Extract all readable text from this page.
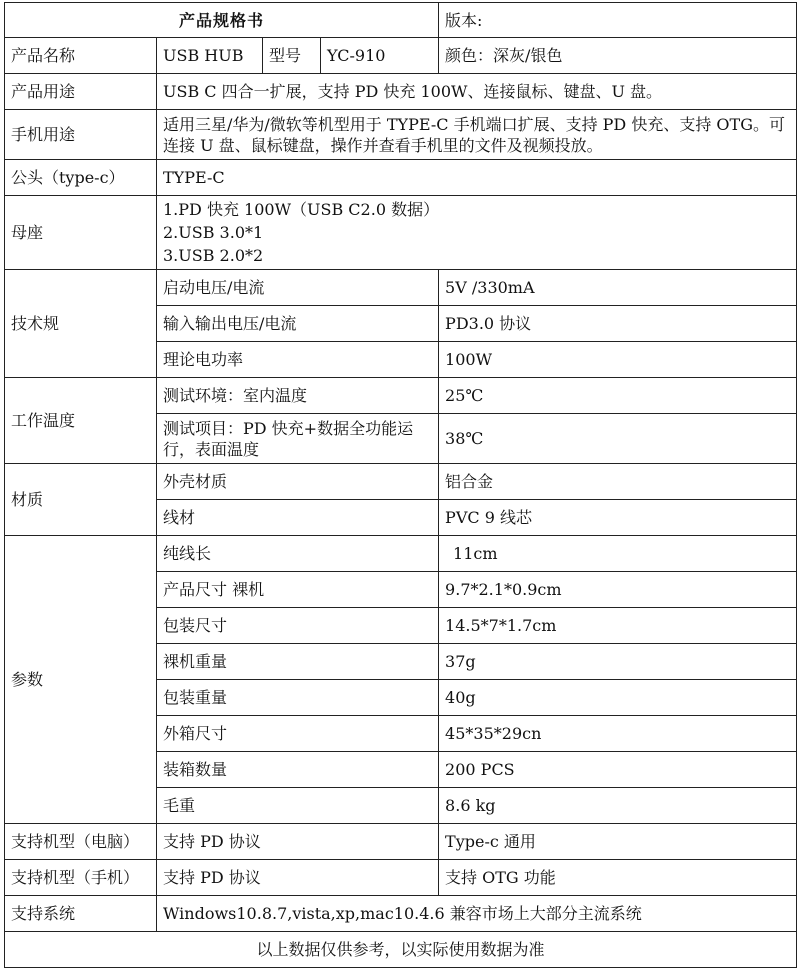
产品规格书				版本:
产品名称	USB HUB	型号	YC-910	颜色：深灰/银色
产品用途	USB C 四合一扩展，支持 PD 快充 100W、连接鼠标、键盘、U 盘。			
手机用途	适用三星/华为/微软等机型用于 TYPE-C 手机端口扩展、支持 PD 快充、支持 OTG。可连接 U 盘、鼠标键盘，操作并查看手机里的文件及视频投放。			
公头（type-c）	TYPE-C			
母座	1.PD 快充 100W（USB C2.0 数据）
2.USB 3.0*1
3.USB 2.0*2			

技术规	启动电压/电流			5V /330mA
	输入输出电压/电流			PD3.0 协议
	理论电功率			100W
工作温度	测试环境：室内温度			25℃
	测试项目：PD 快充+数据全功能运行，表面温度			38℃
材质	外壳材质			铝合金
	线材			PVC 9 线芯
参数	纯线长			11cm
	产品尺寸 裸机			9.7*2.1*0.9cm
	包装尺寸			14.5*7*1.7cm
	裸机重量			37g
	包装重量			40g
	外箱尺寸			45*35*29cn
	装箱数量			200 PCS
	毛重			8.6 kg
支持机型（电脑）	支持 PD 协议			Type-c 通用
支持机型（手机）	支持 PD 协议			支持 OTG 功能
支持系统	Windows10.8.7,vista,xp,mac10.4.6 兼容市场上大部分主流系统			
以上数据仅供参考，以实际使用数据为准				
